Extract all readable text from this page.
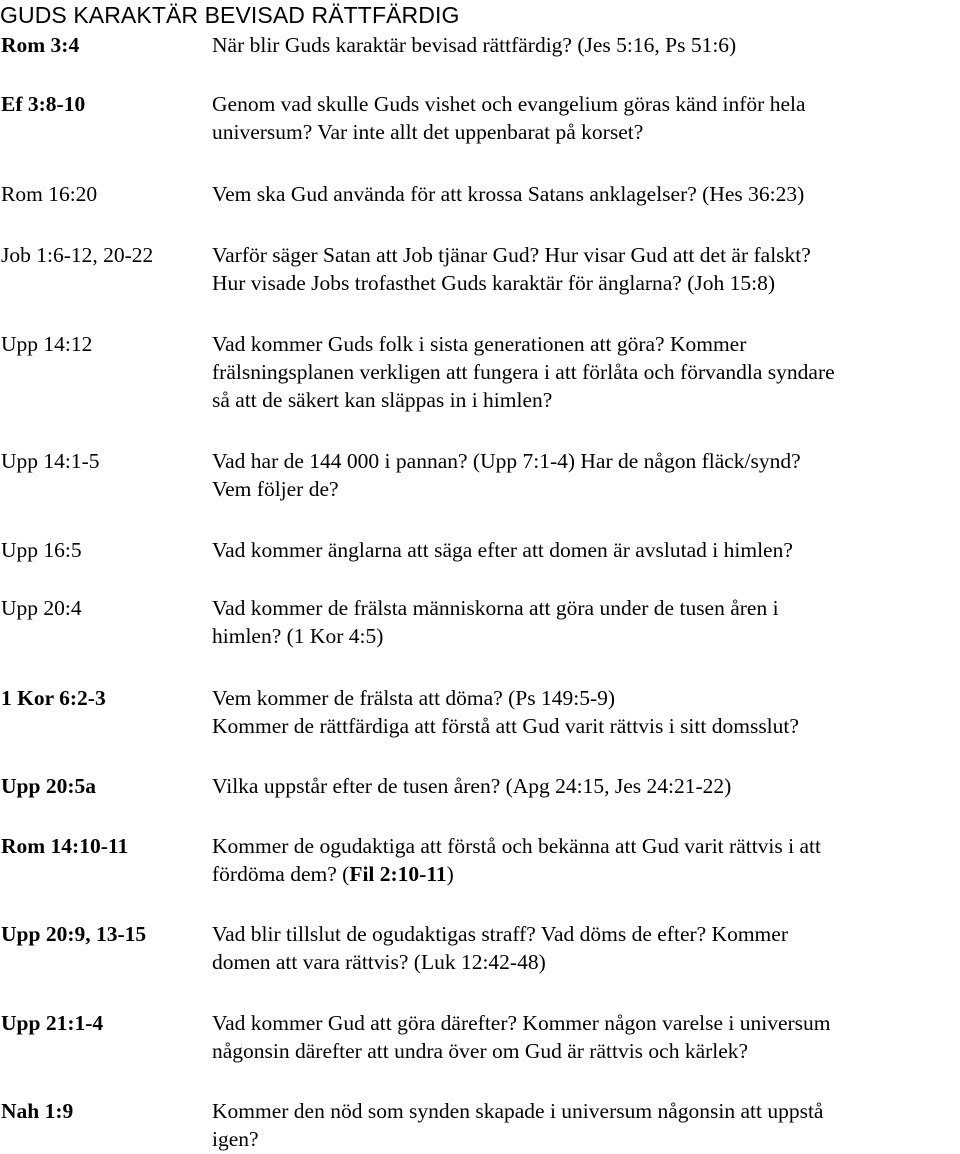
GUDS KARAKTÄR BEVISAD RÄTTFÄRDIG
Rom 3:4	När blir Guds karaktär bevisad rättfärdig? (Jes 5:16, Ps 51:6)
Ef 3:8-10	Genom vad skulle Guds vishet och evangelium göras känd inför hela
universum? Var inte allt det uppenbarat på korset?
Rom 16:20	Vem ska Gud använda för att krossa Satans anklagelser? (Hes 36:23)
Job 1:6-12, 20-22	Varför säger Satan att Job tjänar Gud? Hur visar Gud att det är falskt?
Hur visade Jobs trofasthet Guds karaktär för änglarna? (Joh 15:8)
Upp 14:12	Vad kommer Guds folk i sista generationen att göra? Kommer
frälsningsplanen verkligen att fungera i att förlåta och förvandla syndare
så att de säkert kan släppas in i himlen?
Upp 14:1-5	Vad har de 144 000 i pannan? (Upp 7:1-4) Har de någon fläck/synd?
Vem följer de?
Upp 16:5	Vad kommer änglarna att säga efter att domen är avslutad i himlen?
Upp 20:4	Vad kommer de frälsta människorna att göra under de tusen åren i
himlen? (1 Kor 4:5)
1 Kor 6:2-3	Vem kommer de frälsta att döma? (Ps 149:5-9)
Kommer de rättfärdiga att förstå att Gud varit rättvis i sitt domsslut?
Upp 20:5a	Vilka uppstår efter de tusen åren? (Apg 24:15, Jes 24:21-22)
Rom 14:10-11	Kommer de ogudaktiga att förstå och bekänna att Gud varit rättvis i att
fördöma dem? (Fil 2:10-11)
Upp 20:9, 13-15	Vad blir tillslut de ogudaktigas straff? Vad döms de efter? Kommer
domen att vara rättvis? (Luk 12:42-48)
Upp 21:1-4	Vad kommer Gud att göra därefter? Kommer någon varelse i universum
någonsin därefter att undra över om Gud är rättvis och kärlek?
Nah 1:9	Kommer den nöd som synden skapade i universum någonsin att uppstå
igen?
